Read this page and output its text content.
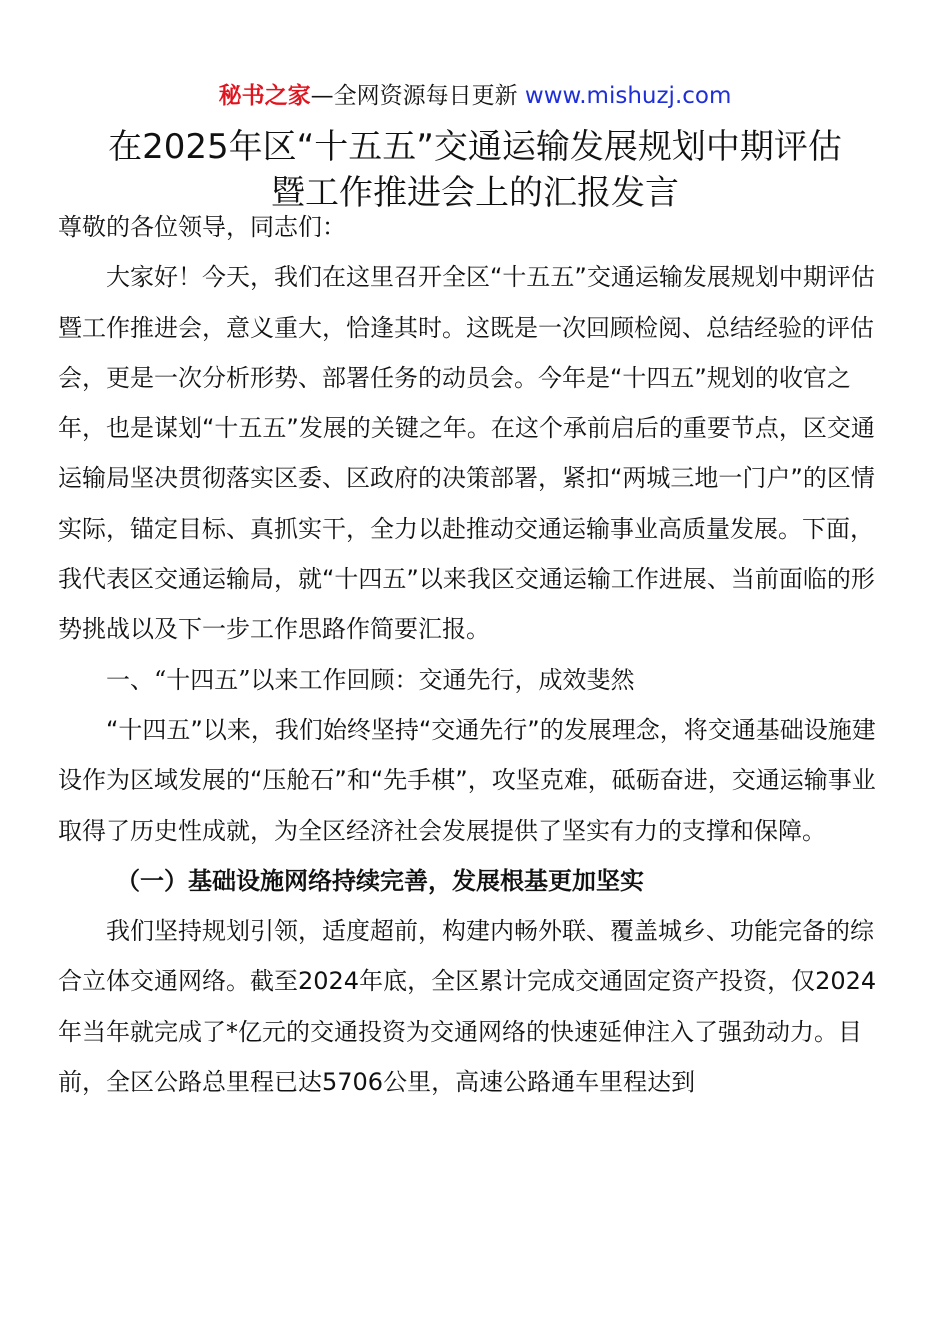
秘书之家—全网资源每日更新 www.mishuzj.com
在2025年区“十五五”交通运输发展规划中期评估
暨工作推进会上的汇报发言

尊敬的各位领导，同志们：

大家好！今天，我们在这里召开全区“十五五”交通运输发展规划中期评估暨工作推进会，意义重大，恰逢其时。这既是一次回顾检阅、总结经验的评估会，更是一次分析形势、部署任务的动员会。今年是“十四五”规划的收官之年，也是谋划“十五五”发展的关键之年。在这个承前启后的重要节点，区交通运输局坚决贯彻落实区委、区政府的决策部署，紧扣“两城三地一门户”的区情实际，锚定目标、真抓实干，全力以赴推动交通运输事业高质量发展。下面，我代表区交通运输局，就“十四五”以来我区交通运输工作进展、当前面临的形势挑战以及下一步工作思路作简要汇报。

一、“十四五”以来工作回顾：交通先行，成效斐然

“十四五”以来，我们始终坚持“交通先行”的发展理念，将交通基础设施建设作为区域发展的“压舱石”和“先手棋”，攻坚克难，砥砺奋进，交通运输事业取得了历史性成就，为全区经济社会发展提供了坚实有力的支撑和保障。

（一）基础设施网络持续完善，发展根基更加坚实

我们坚持规划引领，适度超前，构建内畅外联、覆盖城乡、功能完备的综合立体交通网络。截至2024年底，全区累计完成交通固定资产投资，仅2024年当年就完成了*亿元的交通投资为交通网络的快速延伸注入了强劲动力。目前，全区公路总里程已达5706公里，高速公路通车里程达到
